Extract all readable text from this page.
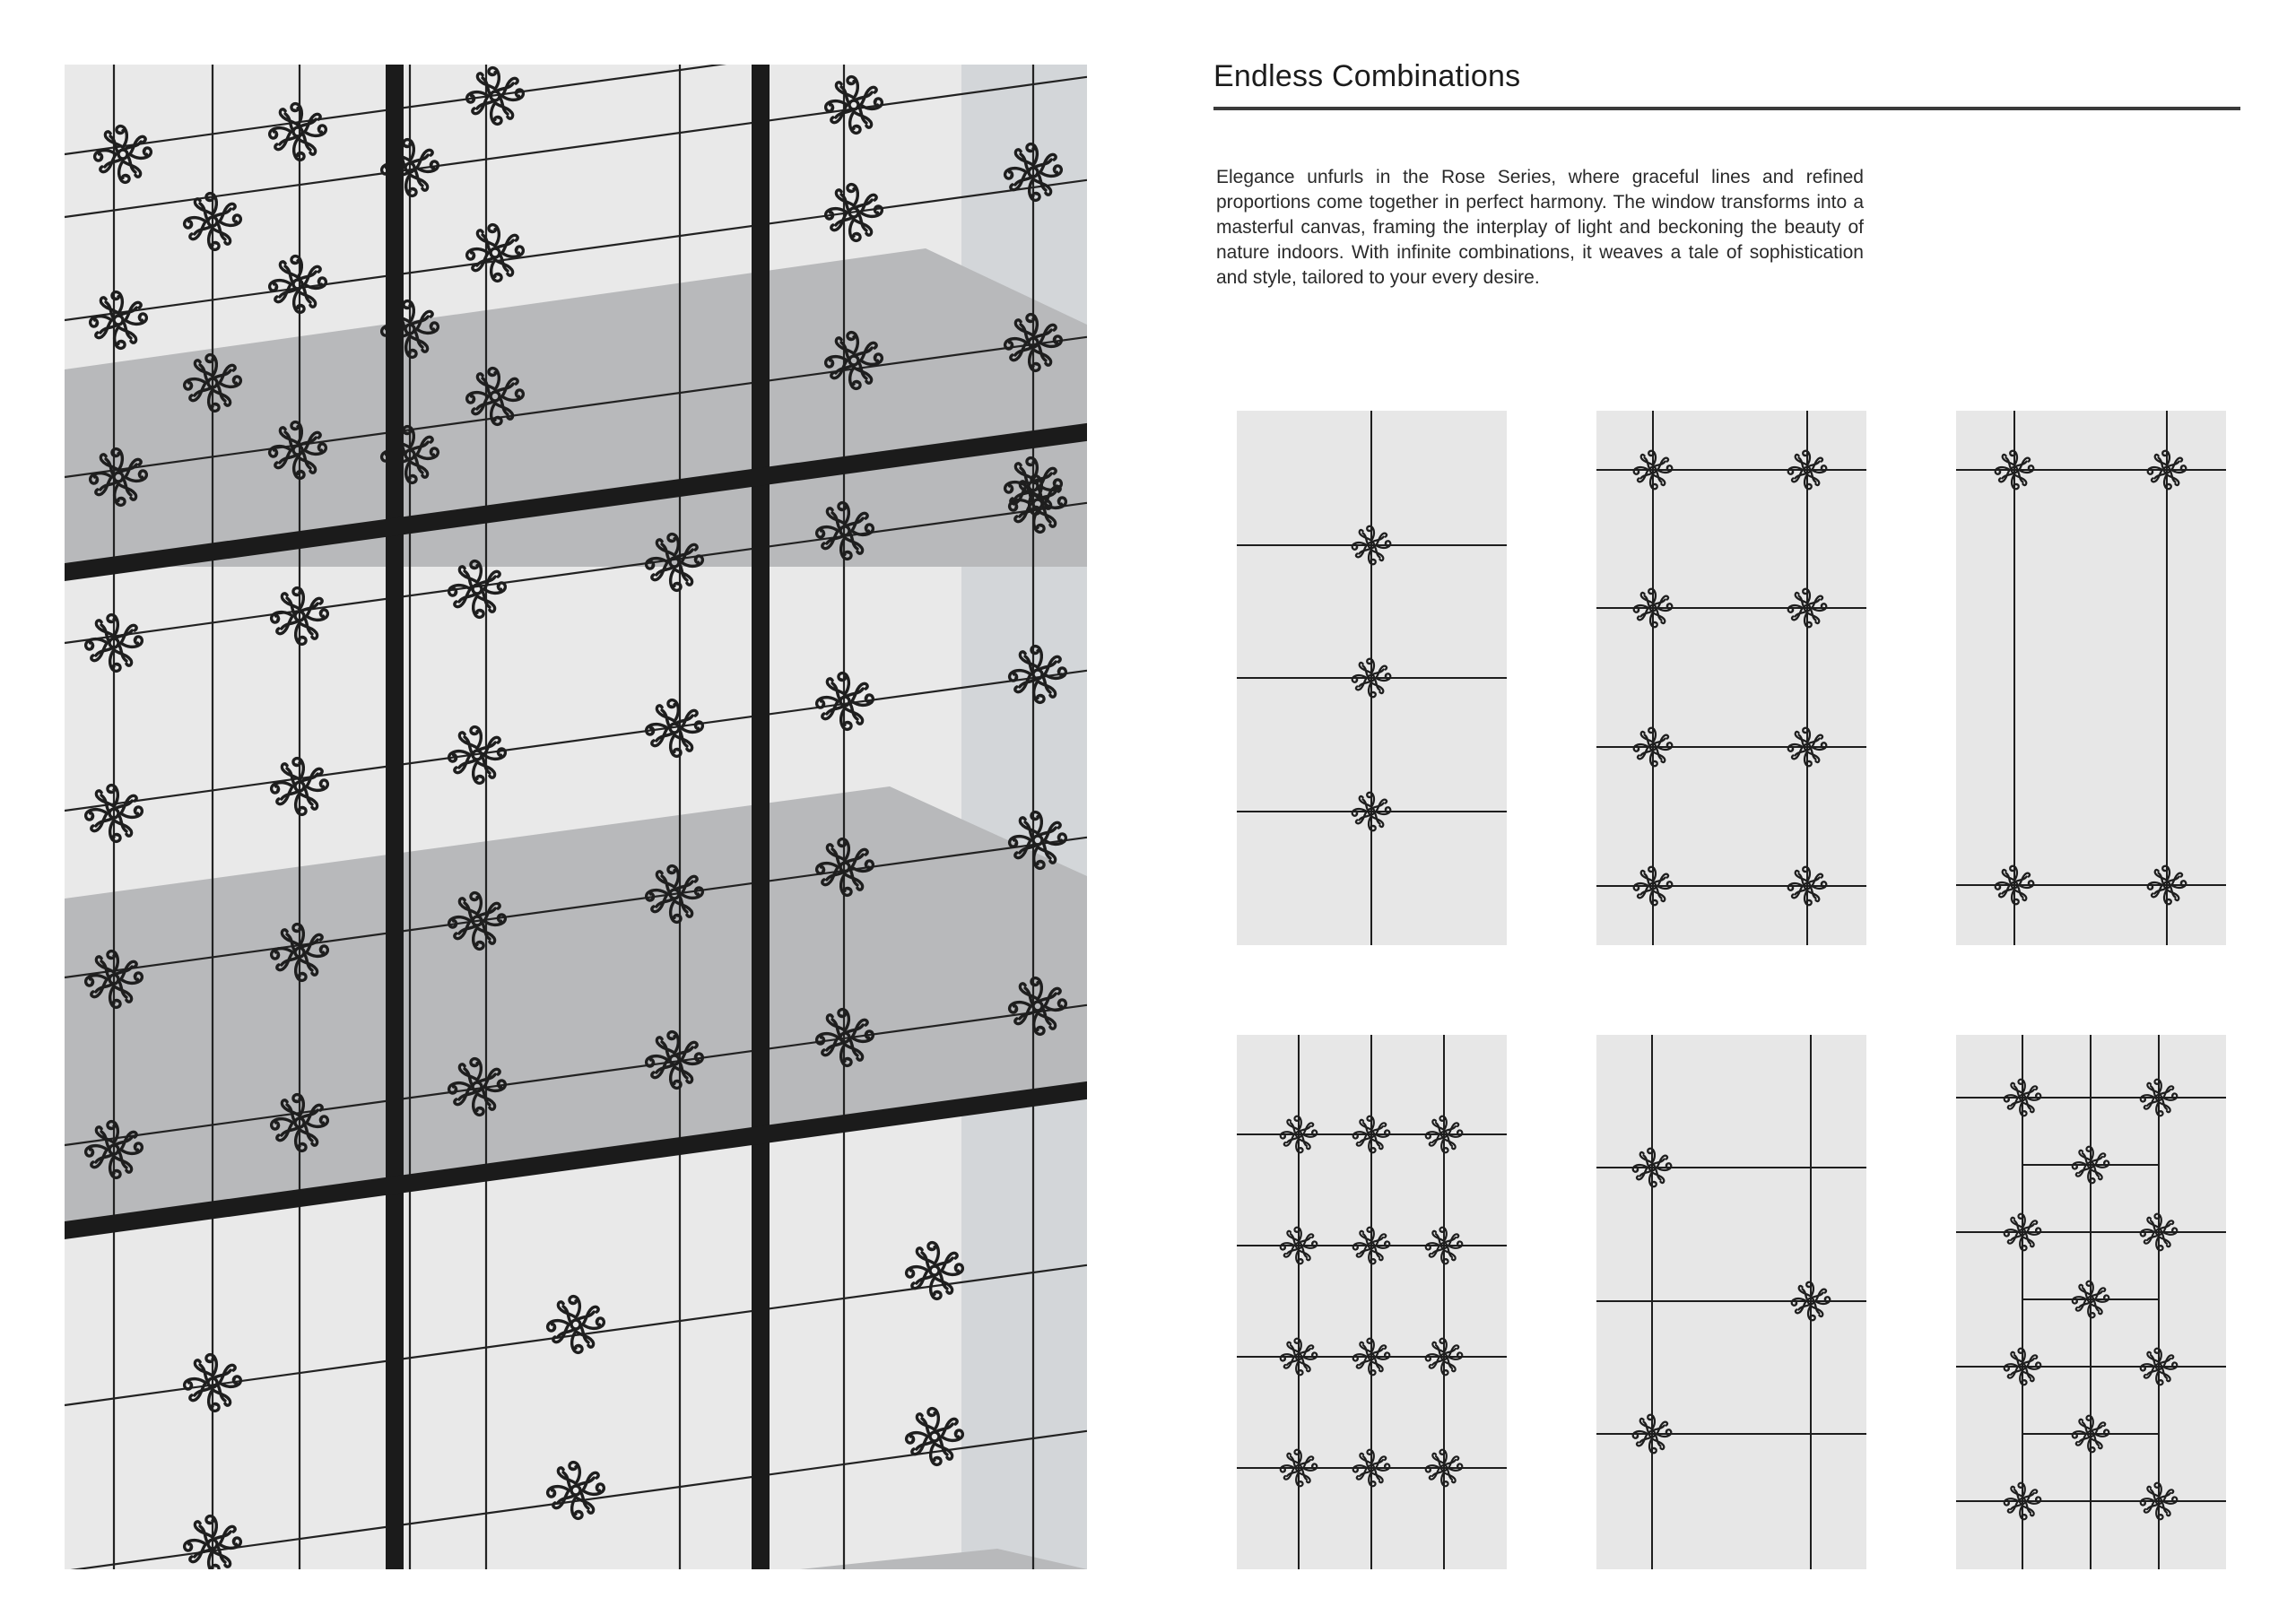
Endless Combinations

Elegance unfurls in the Rose Series, where graceful lines and refined proportions come together in perfect harmony. The window transforms into a masterful canvas, framing the interplay of light and beckoning the beauty of nature indoors. With infinite combinations, it weaves a tale of sophistication and style, tailored to your every desire.
